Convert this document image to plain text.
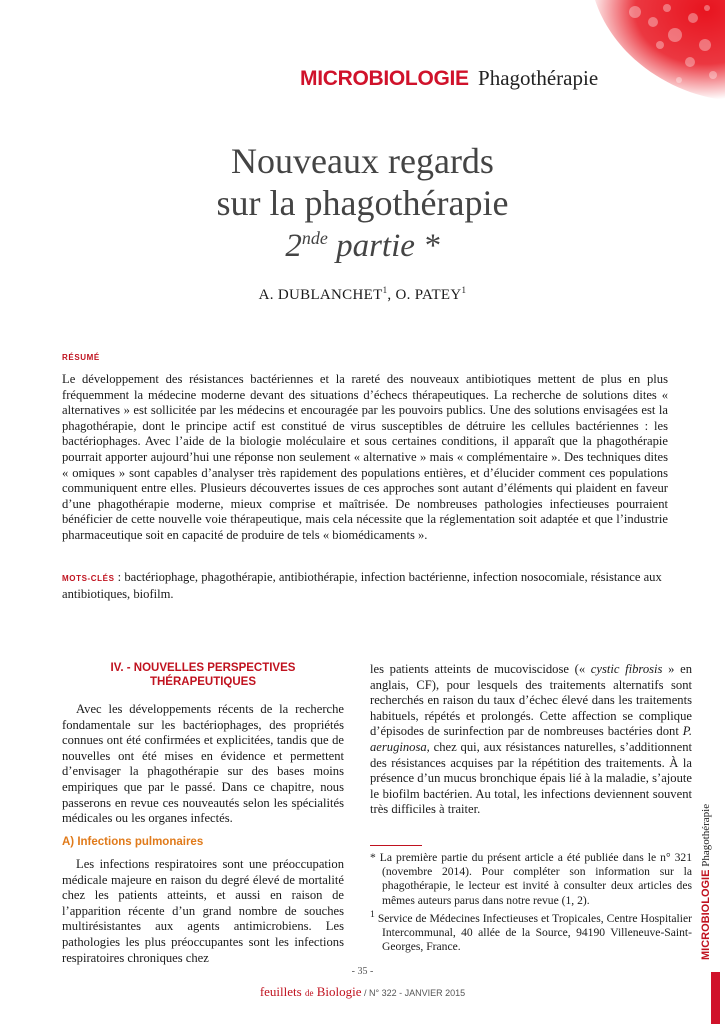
MICROBIOLOGIE Phagothérapie
Nouveaux regards
sur la phagothérapie
2nde partie *
A. DUBLANCHET$^1$, O. PATEY$^1$
RÉSUMÉ
Le développement des résistances bactériennes et la rareté des nouveaux antibiotiques mettent de plus en plus fréquemment la médecine moderne devant des situations d’échecs thérapeutiques. La recherche de solutions dites « alternatives » est sollicitée par les médecins et encouragée par les pouvoirs publics. Une des solutions envisagées est la phagothérapie, dont le principe actif est constitué de virus susceptibles de détruire les cellules bactériennes : les bactériophages. Avec l’aide de la biologie moléculaire et sous certaines conditions, il apparaît que la phagothérapie pourrait apporter aujourd’hui une réponse non seulement « alternative » mais « complémentaire ». Des techniques dites « omiques » sont capables d’analyser très rapidement des populations entières, et d’élucider comment ces populations communiquent entre elles. Plusieurs découvertes issues de ces approches sont autant d’éléments qui plaident en faveur d’une phagothérapie moderne, mieux comprise et maîtrisée. De nombreuses pathologies infectieuses pourraient bénéficier de cette nouvelle voie thérapeutique, mais cela nécessite que la réglementation soit adaptée et que l’industrie pharmaceutique soit en capacité de produire de tels « biomédicaments ».
MOTS-CLÉS : bactériophage, phagothérapie, antibiothérapie, infection bactérienne, infection nosocomiale, résistance aux antibiotiques, biofilm.
IV. - NOUVELLES PERSPECTIVES
THÉRAPEUTIQUES
Avec les développements récents de la recherche fondamentale sur les bactériophages, des propriétés connues ont été confirmées et explicitées, tandis que de nouvelles ont été mises en évidence et permettent d’envisager la phagothérapie sur des bases moins empiriques que par le passé. Dans ce chapitre, nous passerons en revue ces nouveautés selon les spécialités médicales ou les organes infectés.
A) Infections pulmonaires
Les infections respiratoires sont une préoccupation médicale majeure en raison du degré élevé de mortalité chez les patients atteints, et aussi en raison de l’apparition récente d’un grand nombre de souches multirésistantes aux agents antimicrobiens. Les pathologies les plus préoccupantes sont les infections respiratoires chroniques chez
les patients atteints de mucoviscidose (« cystic fibrosis » en anglais, CF), pour lesquels des traitements alternatifs sont recherchés en raison du taux d’échec élevé dans les traitements habituels, répétés et prolongés. Cette affection se complique d’épisodes de surinfection par de nombreuses bactéries dont P. aeruginosa, chez qui, aux résistances naturelles, s’additionnent des résistances acquises par la répétition des traitements. À la présence d’un mucus bronchique épais lié à la maladie, s’ajoute le biofilm bactérien. Au total, les infections deviennent souvent très difficiles à traiter.
* La première partie du présent article a été publiée dans le n° 321 (novembre 2014). Pour compléter son information sur la phagothérapie, le lecteur est invité à consulter deux articles des mêmes auteurs parus dans notre revue (1, 2).
$^1$ Service de Médecines Infectieuses et Tropicales, Centre Hospitalier Intercommunal, 40 allée de la Source, 94190 Villeneuve-Saint-Georges, France.
- 35 -
feuillets de Biologie / N° 322 - JANVIER 2015
MICROBIOLOGIE Phagothérapie
